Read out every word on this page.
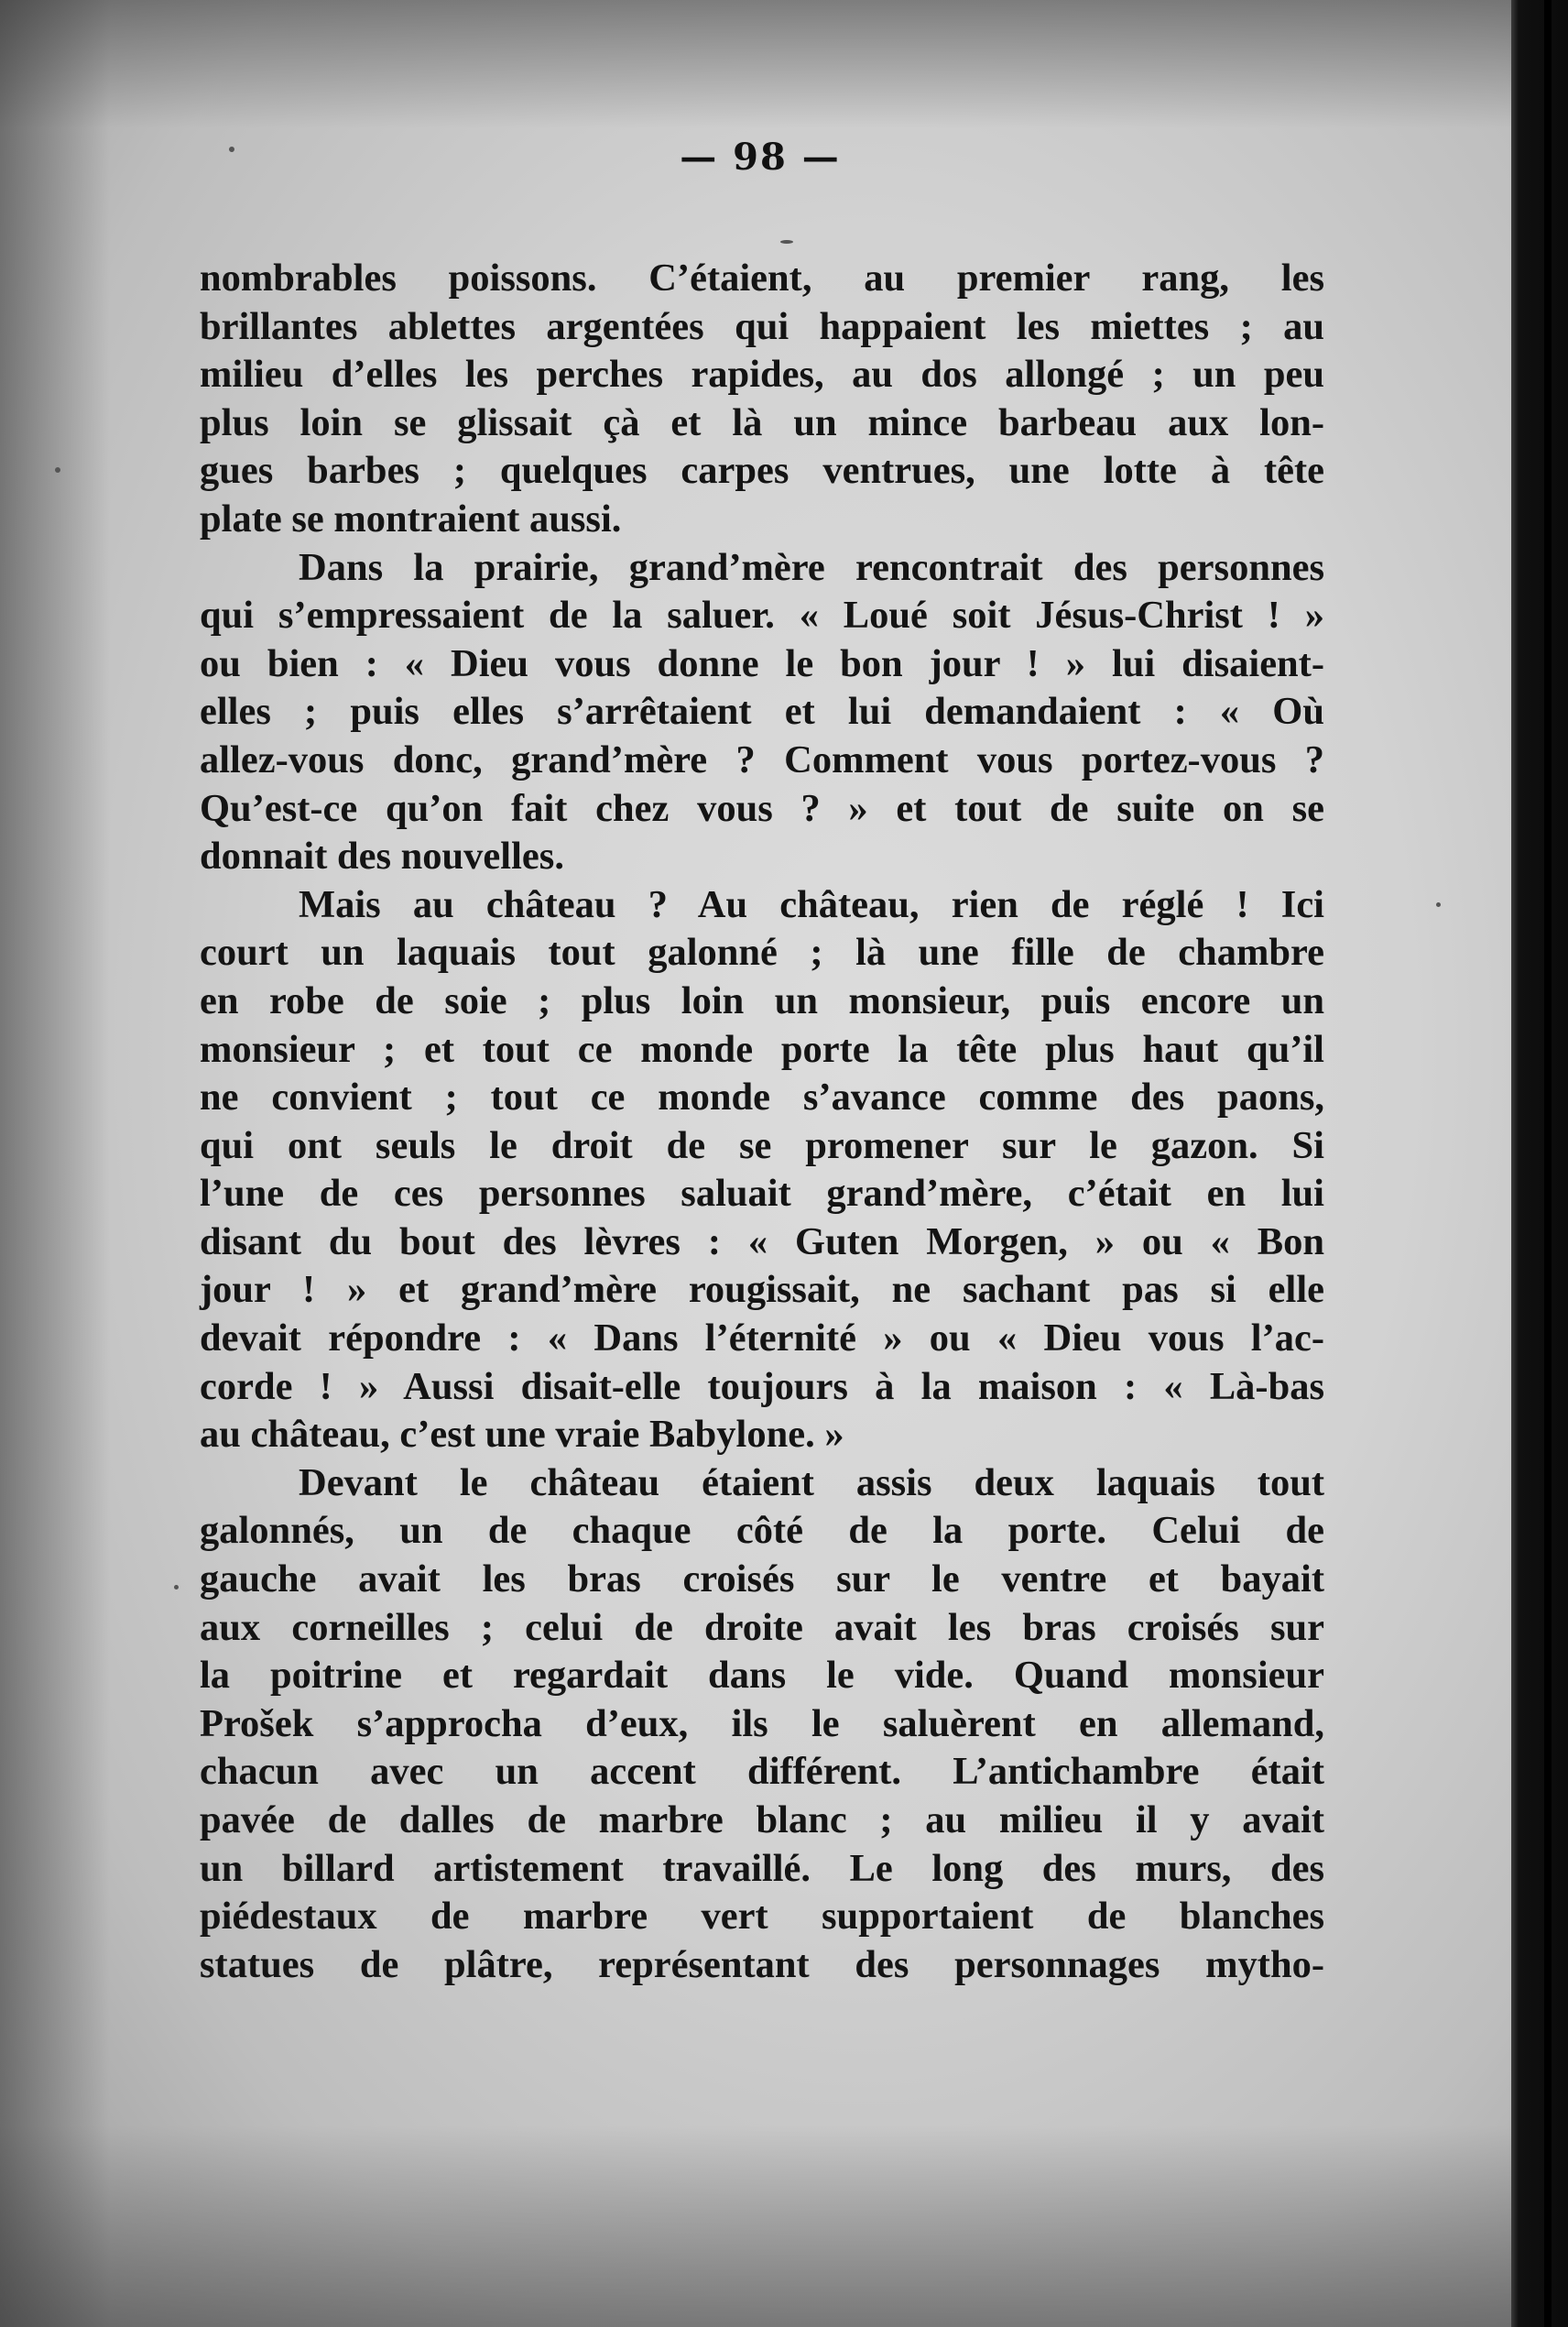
— 98 —
nombrables poissons. C’étaient, au premier rang, les
brillantes ablettes argentées qui happaient les miettes ; au
milieu d’elles les perches rapides, au dos allongé ; un peu
plus loin se glissait çà et là un mince barbeau aux lon-
gues barbes ; quelques carpes ventrues, une lotte à tête
plate se montraient aussi.
Dans la prairie, grand’mère rencontrait des personnes
qui s’empressaient de la saluer. « Loué soit Jésus-Christ ! »
ou bien : « Dieu vous donne le bon jour ! » lui disaient-
elles ; puis elles s’arrêtaient et lui demandaient : « Où
allez-vous donc, grand’mère ? Comment vous portez-vous ?
Qu’est-ce qu’on fait chez vous ? » et tout de suite on se
donnait des nouvelles.
Mais au château ? Au château, rien de réglé ! Ici
court un laquais tout galonné ; là une fille de chambre
en robe de soie ; plus loin un monsieur, puis encore un
monsieur ; et tout ce monde porte la tête plus haut qu’il
ne convient ; tout ce monde s’avance comme des paons,
qui ont seuls le droit de se promener sur le gazon. Si
l’une de ces personnes saluait grand’mère, c’était en lui
disant du bout des lèvres : « Guten Morgen, » ou « Bon
jour ! » et grand’mère rougissait, ne sachant pas si elle
devait répondre : « Dans l’éternité » ou « Dieu vous l’ac-
corde ! » Aussi disait-elle toujours à la maison : « Là-bas
au château, c’est une vraie Babylone. »
Devant le château étaient assis deux laquais tout
galonnés, un de chaque côté de la porte. Celui de
gauche avait les bras croisés sur le ventre et bayait
aux corneilles ; celui de droite avait les bras croisés sur
la poitrine et regardait dans le vide. Quand monsieur
Prošek s’approcha d’eux, ils le saluèrent en allemand,
chacun avec un accent différent. L’antichambre était
pavée de dalles de marbre blanc ; au milieu il y avait
un billard artistement travaillé. Le long des murs, des
piédestaux de marbre vert supportaient de blanches
statues de plâtre, représentant des personnages mytho-
